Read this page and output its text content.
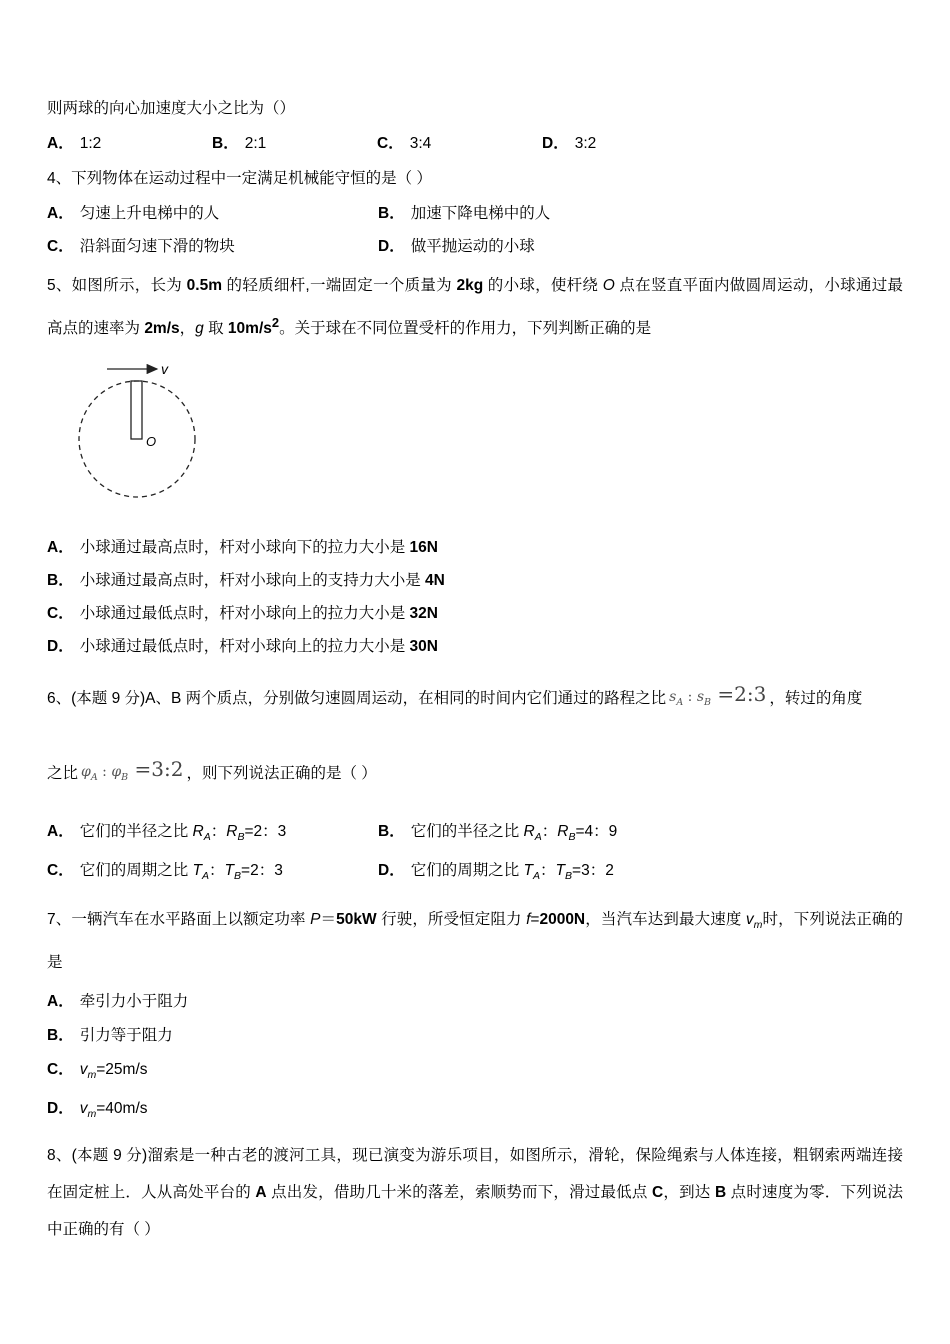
则两球的向心加速度大小之比为（）
A． 1:2	B． 2:1	C． 3:4	D． 3:2
4、下列物体在运动过程中一定满足机械能守恒的是（ ）
A． 匀速上升电梯中的人	B． 加速下降电梯中的人
C． 沿斜面匀速下滑的物块	D． 做平抛运动的小球
5、如图所示，长为 0.5m 的轻质细杆,一端固定一个质量为 2kg 的小球，使杆绕 O 点在竖直平面内做圆周运动，小球通过最高点的速率为 2m/s，g 取 $10m/s^2$。关于球在不同位置受杆的作用力，下列判断正确的是
v
O
A． 小球通过最高点时，杆对小球向下的拉力大小是 16N
B． 小球通过最高点时，杆对小球向上的支持力大小是 4N
C． 小球通过最低点时，杆对小球向上的拉力大小是 32N
D． 小球通过最低点时，杆对小球向上的拉力大小是 30N
6、(本题 9 分)A、B 两个质点，分别做匀速圆周运动，在相同的时间内它们通过的路程之比 $s_A$ : $s_B$ =2:3 ，转过的角度
之比 $\varphi_A$ : $\varphi_B$ =3:2 ，则下列说法正确的是（ ）
A． 它们的半径之比 $R_A$：$R_B=2$：3	B． 它们的半径之比 $R_A$：$R_B=4$：9
C． 它们的周期之比 $T_A$：$T_B=2$：3	D． 它们的周期之比 $T_A$：$T_B=3$：2
7、一辆汽车在水平路面上以额定功率 P＝50kW 行驶，所受恒定阻力 f=2000N，当汽车达到最大速度 $v_m$时，下列说法正确的是
A． 牵引力小于阻力
B． 引力等于阻力
C． $v_m=25m/s$
D． $v_m=40m/s$
8、(本题 9 分)溜索是一种古老的渡河工具，现已演变为游乐项目，如图所示，滑轮，保险绳索与人体连接，粗钢索两端连接在固定桩上．人从高处平台的 A 点出发，借助几十米的落差，索顺势而下，滑过最低点 C，到达 B 点时速度为零．下列说法中正确的有（ ）
